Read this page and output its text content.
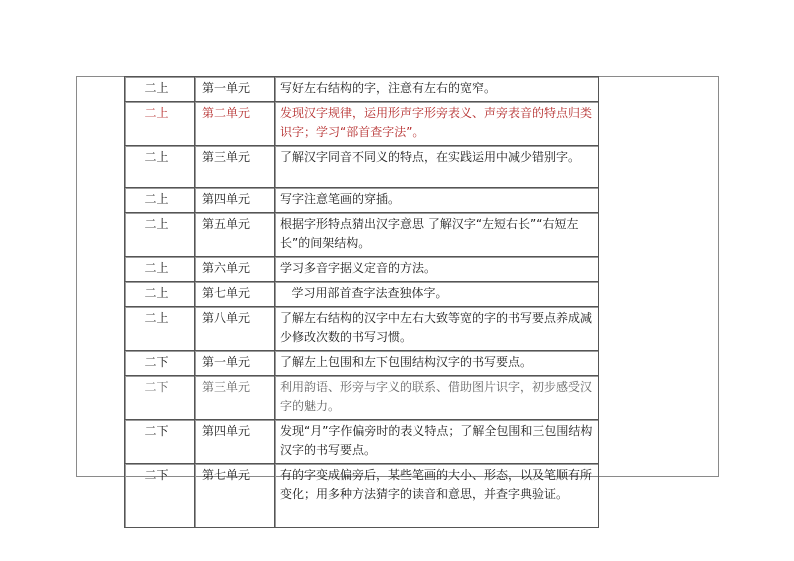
二上	第一单元	写好左右结构的字，注意有左右的宽窄。
二上	第二单元	发现汉字规律，运用形声字形旁表义、声旁表音的特点归类识字；学习“部首查字法”。
二上	第三单元	了解汉字同音不同义的特点，在实践运用中减少错别字。
二上	第四单元	写字注意笔画的穿插。
二上	第五单元	根据字形特点猜出汉字意思 了解汉字“左短右长”“右短左长”的间架结构。
二上	第六单元	学习多音字据义定音的方法。
二上	第七单元	学习用部首查字法查独体字。
二上	第八单元	了解左右结构的汉字中左右大致等宽的字的书写要点养成减少修改次数的书写习惯。
二下	第一单元	了解左上包围和左下包围结构汉字的书写要点。
二下	第三单元	利用韵语、形旁与字义的联系、借助图片识字，初步感受汉字的魅力。
二下	第四单元	发现“月”字作偏旁时的表义特点；了解全包围和三包围结构汉字的书写要点。
二下	第七单元	有的字变成偏旁后，某些笔画的大小、形态，以及笔顺有所变化；用多种方法猜字的读音和意思，并查字典验证。
